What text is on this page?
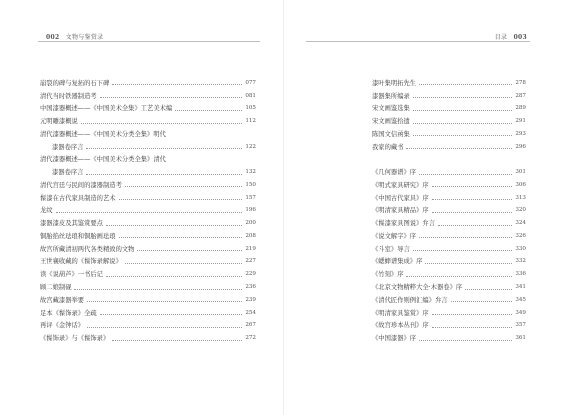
002 文物与鉴赏录
崩裂的碑与复拓的石下碑	077
清代当时铁器制造考	081
中国漆器概述——《中国美术全集》工艺美术编	105
元明雕漆概说	112
清代漆器概述——《中国美术分类全集》明代
漆器卷序言	122
清代漆器概述——《中国美术分类全集》清代
漆器卷序言	132
清代宫廷与民间的漆器制造考	150
髹漆在古代家具制造的艺术	157
龙纹	196
漆器漆皮及其鉴赏要点	200
铜胎掐丝珐琅和铜胎画珐琅	208
故宫所藏清初两代各类精致的文物	219
王世襄收藏的《髹饰录解说》	227
读《说葫芦》一书后记	229
顾二娘制砚	236
故宫藏漆器举要	239
足本《髹饰录》全疏	254
再评《金钟话》	267
《髹饰录》与《髹饰录》	272
目录 003
漆叶集明拓先生	278
漆器集所编录	287
宋文画鉴选集	289
宋文画鉴拾遗	291
陈国文信函集	293
我家的藏书	296
《几何器谱》序	301
《明式家具研究》序	306
《中国古代家具》序	313
《明清家具精品》序	320
《髹漆家具图说》弁言	324
《说文解字》序	326
《斗室》导言	330
《蟋蟀谱集成》序	332
《竹刻》序	336
《北京文物精粹大全·木器卷》序	341
《清代匠作则例汇编》弁言	345
《明清家具鉴赏》序	349
《故宫珍本丛刊》序	357
《中国漆器》序	361
